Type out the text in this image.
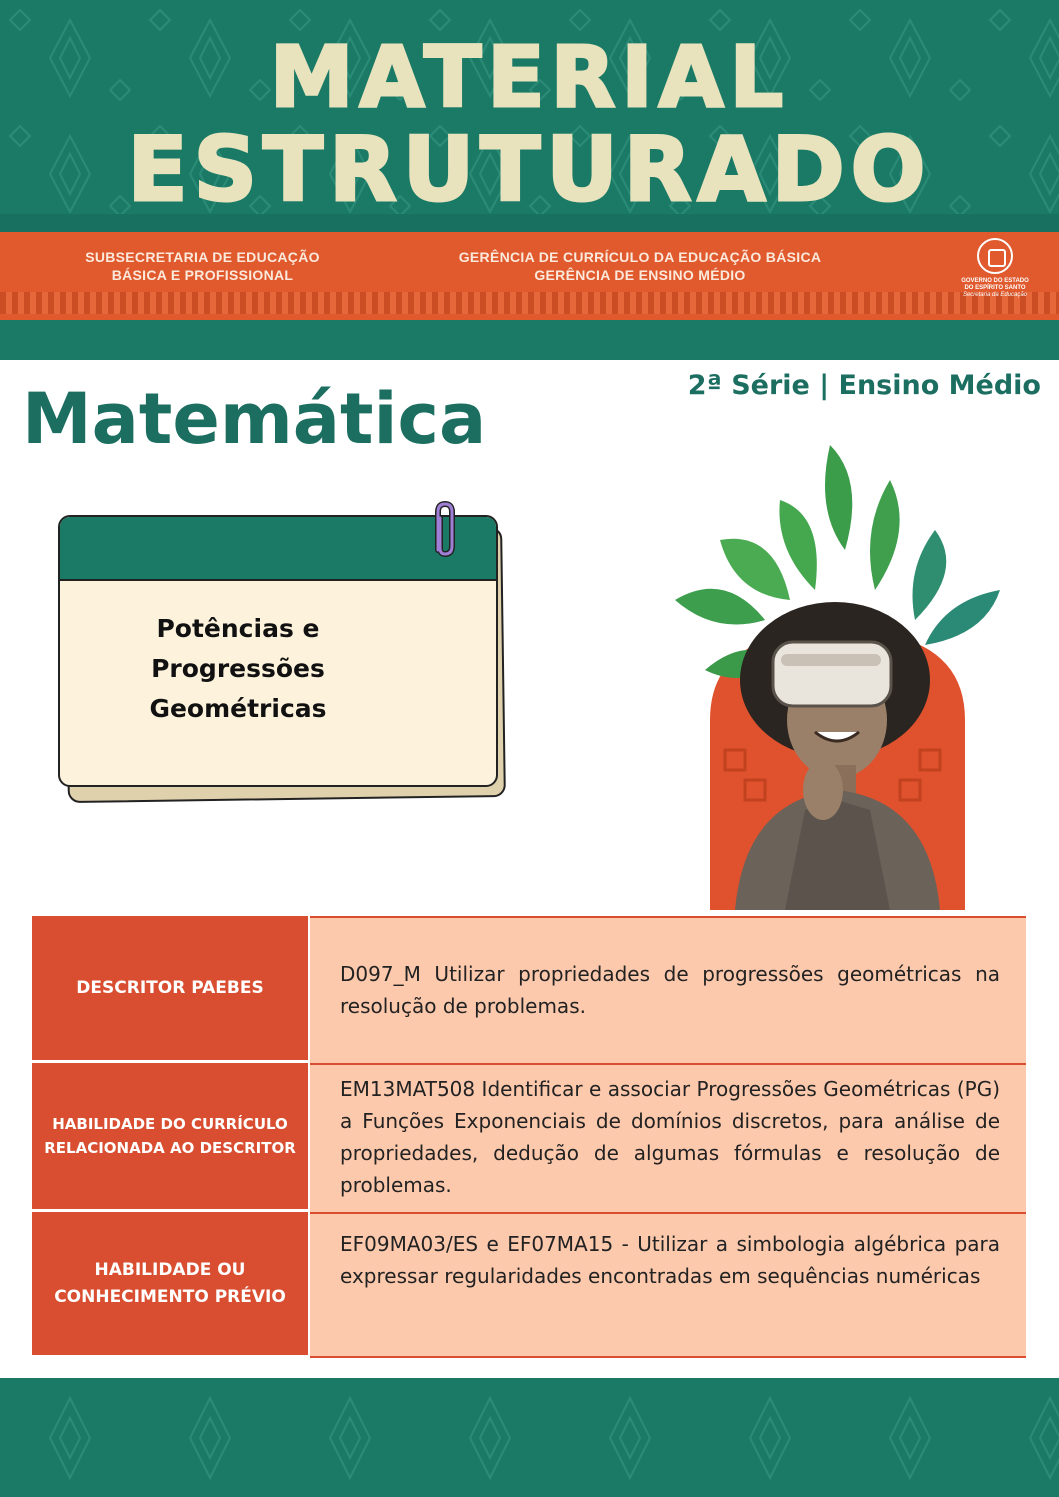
MATERIAL
ESTRUTURADO
SUBSECRETARIA DE EDUCAÇÃO
BÁSICA E PROFISSIONAL
GERÊNCIA DE CURRÍCULO DA EDUCAÇÃO BÁSICA
GERÊNCIA DE ENSINO MÉDIO	GOVERNO DO ESTADO
DO ESPÍRITO SANTO
Secretaria da Educação
Matemática	2ª Série | Ensino Médio
Potências e
Progressões
Geométricas
DESCRITOR PAEBES
D097_M Utilizar propriedades de progressões geométricas na resolução de problemas.
HABILIDADE DO CURRÍCULO RELACIONADA AO DESCRITOR
EM13MAT508 Identificar e associar Progressões Geométricas (PG) a Funções Exponenciais de domínios discretos, para análise de propriedades, dedução de algumas fórmulas e resolução de problemas.
HABILIDADE OU CONHECIMENTO PRÉVIO
EF09MA03/ES e EF07MA15 - Utilizar a simbologia algébrica para expressar regularidades encontradas em sequências numéricas
